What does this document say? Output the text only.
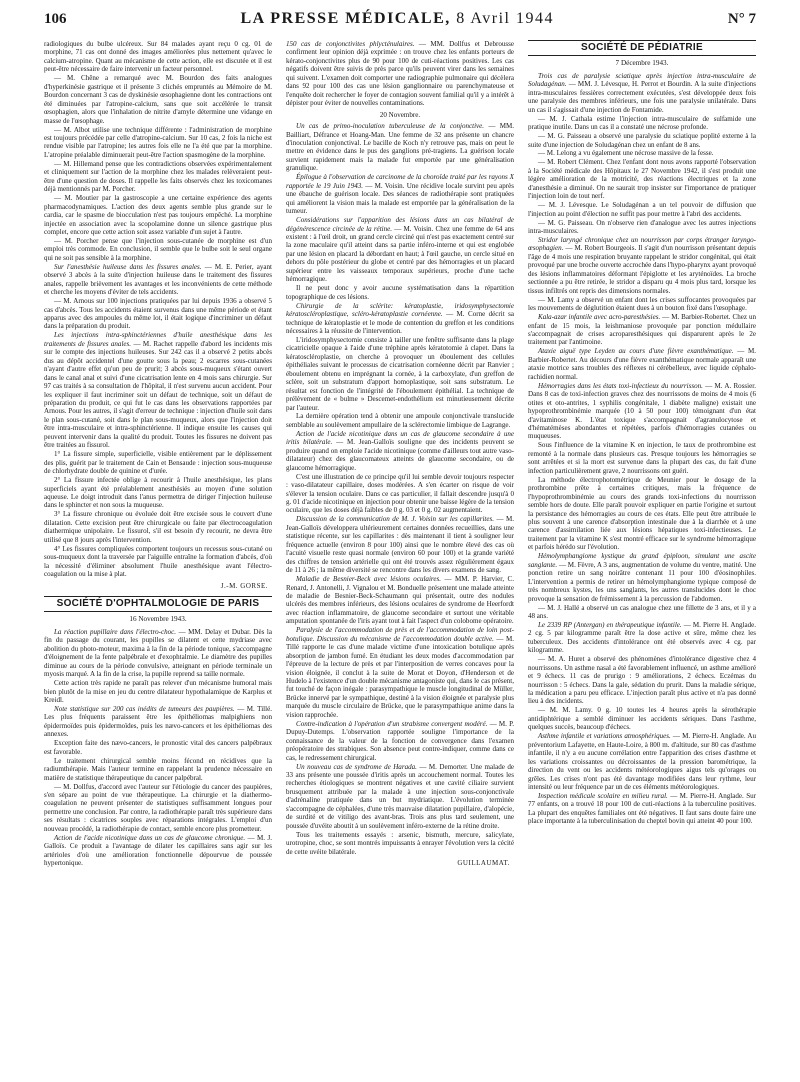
106	LA PRESSE MÉDICALE, 8 Avril 1944	N° 7

radiologiques du bulbe ulcéreux. Sur 84 malades ayant reçu 0 cg. 01 de morphine, 71 cas ont donné des images améliorées plus nettement qu'avec le calcium-atropine. Quant au mécanisme de cette action, elle est discutée et il est peut-être nécessaire de faire intervenir un facteur personnel.

— M. Chêne a remarqué avec M. Bourdon des faits analogues d'hyperkinésie gastrique et il présente 3 clichés empruntés au Mémoire de M. Bourdon concernant 3 cas de dyskinésie œsophagienne dont les contractions ont été diminuées par l'atropine-calcium, sans que soit accélérée le transit œsophagien, alors que l'inhalation de nitrite d'amyle détermine une vidange en masse de l'œsophage.

— M. Albot utilise une technique différente : l'administration de morphine est toujours précédée par celle d'atropine-calcium. Sur 10 cas, 2 fois la niche est rendue visible par l'atropine; les autres fois elle ne l'a été que par la morphine. L'atropine préalable diminuerait peut-être l'action spasmogène de la morphine.

— M. Hillemand pense que les contradictions observées expérimentalement et cliniquement sur l'action de la morphine chez les malades relèveraient peut-être d'une question de doses. Il rappelle les faits observés chez les toxicomanes déjà mentionnés par M. Porcher.

— M. Moutier par la gastroscopie a une certaine expérience des agents pharmacodynamiques. L'action des deux agents semble plus grande sur le cardia, car le spasme de biocculation n'est pas toujours empêché. La morphine injectée en association avec la scopolamine donne un silence gastrique plus complet, encore que cette action soit assez variable d'un sujet à l'autre.

— M. Porcher pense que l'injection sous-cutanée de morphine est d'un emploi très commode. En conclusion, il semble que le bulbe soit le seul organe qui ne soit pas sensible à la morphine.

Sur l'anesthésie huileuse dans les fissures anales. — M. E. Perier, ayant observé 3 abcès à la suite d'injection huileuse dans le traitement des fissures anales, rappelle brièvement les avantages et les inconvénients de cette méthode et cherche les moyens d'éviter de tels accidents.

— M. Arnous sur 100 injections pratiquées par lui depuis 1936 a observé 5 cas d'abcès. Tous les accidents étaient survenus dans une même période et étant apparus avec des ampoules du même lot, il était logique d'incriminer un défaut dans la préparation du produit.

Les injections intra-sphinctériennes d'huile anesthésique dans les traitements de fissures anales. — M. Rachet rappelle d'abord les incidents mis sur le compte des injections huileuses. Sur 242 cas il a observé 2 petits abcès dus au dépôt accidentel d'une goutte sous la peau; 2 escarres sous-cutanées n'ayant d'autre effet qu'un peu de prurit; 3 abcès sous-muqueux s'étant ouvert dans le canal anal et suivi d'une cicatrisation lente en 4 mois sans chirurgie. Sur 97 cas traités à sa consultation de l'hôpital, il n'est survenu aucun accident. Pour les expliquer il faut incriminer soit un défaut de technique, soit un défaut de préparation du produit, ce qui fut le cas dans les observations rapportées par Arnous. Pour les autres, il s'agit d'erreur de technique : injection d'huile soit dans le plan sous-cutané, soit dans le plan sous-muqueux, alors que l'injection doit être intra-musculaire et intra-sphinctérienne. Il indique ensuite les causes qui peuvent intervenir dans la qualité du produit. Toutes les fissures ne doivent pas être traitées au fissurol.

1° La fissure simple, superficielle, visible entièrement par le déplissement des plis, guérit par le traitement de Cain et Bensaude : injection sous-muqueuse de chlorhydrate double de quinine et d'urée.

2° La fissure infectée oblige à recourir à l'huile anesthésique, les plans superficiels ayant été préalablement anesthésiés au moyen d'une solution aqueuse. Le doigt introduit dans l'anus permettra de diriger l'injection huileuse dans le sphincter et non sous la muqueuse.

3° La fissure chronique ou évoluée doit être excisée sous le couvert d'une dilatation. Cette excision peut être chirurgicale ou faite par électrocoagulation diathermique unipolaire. Le fissurol, s'il est besoin d'y recourir, ne devra être utilisé que 8 jours après l'intervention.

4° Les fissures compliquées comportent toujours un recessus sous-cutané ou sous-muqueux dont la traversée par l'aiguille entraîne la formation d'abcès, d'où la nécessité d'éliminer absolument l'huile anesthésique avant l'électro-coagulation ou la mise à plat.

J.-M. GORSE.
SOCIÉTÉ D'OPHTALMOLOGIE DE PARIS
16 Novembre 1943.

La réaction pupillaire dans l'électro-choc. — MM. Delay et Dubar. Dès la fin du passage du courant, les pupilles se dilatent et cette mydriase avec abolition du photo-moteur, maxima à la fin de la période tonique, s'accompagne d'éloignement de la fente palpébrale et d'exophtalmie. Le diamètre des pupilles diminue au cours de la période convulsive, atteignant en période terminale un myosis marqué. A la fin de la crise, la pupille reprend sa taille normale.

Cette action très rapide ne paraît pas relever d'un mécanisme humoral mais bien plutôt de la mise en jeu du centre dilatateur hypothalamique de Karplus et Kreidl.

Note statistique sur 200 cas inédits de tumeurs des paupières. — M. Tillé. Les plus fréquents paraissent être les épithéliomas malpighiens non épidermoïdes puis épidermoïdes, puis les nævo-cancers et les épithéliomas des annexes.

Exception faite des nævo-cancers, le pronostic vital des cancers palpébraux est favorable.

Le traitement chirurgical semble moins fécond en récidives que la radiumthérapie. Mais l'auteur termine en rappelant la prudence nécessaire en matière de statistique thérapeutique du cancer palpébral.

— M. Dollfus, d'accord avec l'auteur sur l'étiologie du cancer des paupières, s'en sépare au point de vue thérapeutique. La chirurgie et la diathermo-coagulation ne peuvent présenter de statistiques suffisamment longues pour permettre une conclusion. Par contre, la radiothérapie paraît très supérieure dans ses résultats : cicatrices souples avec réparations intégrales. L'emploi d'un nouveau procédé, la radiothérapie de contact, semble encore plus prometteur.

Action de l'acide nicotinique dans un cas de glaucome chronique. — M. J. Galloïs. Ce produit a l'avantage de dilater les capillaires sans agir sur les artérioles d'où une amélioration fonctionnelle dépourvue de poussée hypertonique.

150 cas de conjonctivites phlycténulaires. — MM. Dollfus et Debrousse confirment leur opinion déjà exprimée : on trouve chez les enfants porteurs de kérato-conjonctivites plus de 90 pour 100 de cuti-réactions positives. Les cas négatifs doivent être suivis de près parce qu'ils peuvent virer dans les semaines qui suivent. L'examen doit comporter une radiographie pulmonaire qui décèlera dans 92 pour 100 des cas une lésion ganglionnaire ou parenchymateuse et l'enquête doit rechercher le foyer de contagion souvent familial qu'il y a intérêt à dépister pour éviter de nouvelles contaminations.

20 Novembre.

Un cas de primo-inoculation tuberculeuse de la conjonctive. — MM. Bailliart, Défrance et Hoang-Man. Une femme de 32 ans présente un chancre d'inoculation conjonctival. Le bacille de Koch n'y retrouve pas, mais on peut le mettre en évidence dans le pus des ganglions pré-tragiens. La guérison locale survient rapidement mais la malade fut emportée par une généralisation granulique.

Épilogue à l'observation de carcinome de la choroïde traité par les rayons X rapportée le 19 Juin 1943. — M. Voisin. Une récidive locale survint peu après une ébauche de guérison locale. Des séances de radiothérapie sont pratiquées qui améliorent la vision mais la malade est emportée par la généralisation de la tumeur.

Considérations sur l'apparition des lésions dans un cas bilatéral de dégénérescence circinée de la rétine. — M. Voisin. Chez une femme de 64 ans existent : à l'œil droit, un grand cercle circiné qui n'est pas exactement centré sur la zone maculaire qu'il atteint dans sa partie inféro-interne et qui est englobée par une lésion en placard la débordant en haut; à l'œil gauche, un cercle situé en dehors du pôle postérieur du globe et centré par des hémorragies et un placard supérieur entre les vaisseaux temporaux supérieurs, proche d'une tache hémorragique.

Il ne peut donc y avoir aucune systématisation dans la répartition topographique de ces lésions.

Chirurgie de la sclérite: kératoplastie, iridosymphysectomie kératoscléroplastique, scléro-kératoplastie cornéenne. — M. Corne décrit sa technique de kératoplastie et le mode de contention du greffon et les conditions nécessaires à la réussite de l'intervention.

L'iridosymphysectomie consiste à tailler une fenêtre suffisante dans la plage cicatricielle opaque à l'aide d'une tréphine après kératotomie à clapet. Dans la kératoscléroplastie, on cherche à provoquer un éboulement des cellules épithéliales suivant le processus de cicatrisation cornéenne décrit par Ranvier ; éboulement obtenu en imprégnant la cornée, à la carboxylate, d'un greffon de sclère, soit un substratum d'apport homoplastique, soit sans substratum. Le résultat est fonction de l'intégrité de l'éboulement épithélial. La technique de prélèvement de « bulme » Descemet-endothélium est minutieusement décrite par l'auteur.

La dernière opération tend à obtenir une ampoule conjonctivale translucide semblable au soulèvement ampullaire de la sclérectomie limbique de Lagrange.

Action de l'acide nicotinique dans un cas de glaucome secondaire à une iritis bilatérale. — M. Jean-Galloïs souligne que des incidents peuvent se produire quand on emploie l'acide nicotinique (comme d'ailleurs tout autre vaso-dilatateur) chez des glaucomateux atteints de glaucome secondaire, ou de glaucome hémorragique.

C'est une illustration de ce principe qu'il lui semble devoir toujours respecter : vaso-dilatateur capillaire, doses modérées. A s'en écarter on risque de voir s'élever la tension oculaire. Dans ce cas particulier, il fallait descendre jusqu'à 0 g. 01 d'acide nicotinique en injection pour obtenir une baisse légère de la tension oculaire, que les doses déjà faibles de 0 g. 03 et 0 g. 02 augmentaient.

Discussion de la communication de M. J. Voisin sur les capillarites. — M. Jean-Galloïs développera ultérieurement certaines données recueillies, dans une statistique récente, sur les capillarites : dès maintenant il tient à souligner leur fréquence actuelle (environ 8 pour 100) ainsi que le nombre élevé des cas où l'acuité visuelle reste quasi normale (environ 60 pour 100) et la grande variété des chiffres de tension artérielle qui ont été trouvés assez régulièrement égaux de 11 à 26 ; la même diversité se rencontre dans les divers examens de sang.

Maladie de Besnier-Beck avec lésions oculaires. — MM. P. Harvier, C. Renard, J. Antonelli, J. Vignalou et M. Bonduelle présentent une malade atteinte de maladie de Besnier-Beck-Schaumann qui présentait, outre des nodules ulcérés des membres inférieurs, des lésions oculaires de syndrome de Heerfordt avec réaction inflammatoire, de glaucome secondaire et surtout une véritable amputation spontanée de l'iris ayant tout à fait l'aspect d'un colobome opératoire.

Paralysie de l'accommodation de près et de l'accommodation de loin post-botulique. Discussion du mécanisme de l'accommodation double active. — M. Tillé rapporte le cas d'une malade victime d'une intoxication botulique après absorption de jambon fumé. En étudiant les deux modes d'accommodation par l'épreuve de la lecture de près et par l'interposition de verres concaves pour la vision éloignée, il conclut à la suite de Morat et Doyon, d'Henderson et de Hudelo à l'existence d'un double mécanisme antagoniste qui, dans le cas présent, fut touché de façon inégale : parasympathique le muscle longitudinal de Müller, Brücke innervé par le sympathique, destiné à la vision éloignée et paralysie plus marquée du muscle circulaire de Brücke, que le parasympathique anime dans la vision rapprochée.

Contre-indication à l'opération d'un strabisme convergent modéré. — M. P. Dupuy-Dutemps. L'observation rapportée souligne l'importance de la connaissance de la valeur de la fonction de convergence dans l'examen préopératoire des strabiques. Son absence peut contre-indiquer, comme dans ce cas, le redressement chirurgical.

Un nouveau cas de syndrome de Harada. — M. Demorter. Une malade de 33 ans présente une poussée d'iritis après un accouchement normal. Toutes les recherches étiologiques se montrent négatives et une cavité ciliaire survient brusquement attribuée par la malade à une injection sous-conjonctivale d'adrénaline pratiquée dans un but mydriatique. L'évolution terminée s'accompagne de céphalées, d'une très mauvaise dilatation pupillaire, d'alopécie, de surdité et de vitiligo des avant-bras. Trois ans plus tard seulement, une poussée d'uvéite aboutit à un soulèvement inféro-externe de la rétine droite.

Tous les traitements essayés : arsenic, bismuth, mercure, salicylate, urotropine, choc, se sont montrés impuissants à enrayer l'évolution vers la cécité de cette uvéite bilatérale.

GUILLAUMAT.
SOCIÉTÉ DE PÉDIATRIE
7 Décembre 1943.

Trois cas de paralysie sciatique après injection intra-musculaire de Soludagénan. — MM. J. Lévesque, H. Perrot et Bourdin. A la suite d'injections intra-musculaires fessières correctement exécutées, s'est développée deux fois une paralysie des membres inférieurs, une fois une paralysie unilatérale. Dans un cas il s'agissait d'une injection de Fontamide.

— M. J. Cathala estime l'injection intra-musculaire de sulfamide une pratique inutile. Dans un cas il a constaté une nécrose profonde.

— M. G. Paisseau a observé une paralysie du sciatique poplité externe à la suite d'une injection de Soludagénan chez un enfant de 8 ans.

— M. Lelong a vu également une nécrose massive de la fesse.

— M. Robert Clément. Chez l'enfant dont nous avons rapporté l'observation à la Société médicale des Hôpitaux le 27 Novembre 1942, il s'est produit une légère amélioration de la motricité, des réactions électriques et la zone d'anesthésie a diminué. On ne saurait trop insister sur l'importance de pratiquer l'injection loin de tout nerf.

— M. J. Lévesque. Le Soludagénan a un tel pouvoir de diffusion que l'injection au point d'élection ne suffit pas pour mettre à l'abri des accidents.

— M. G. Paisseau. On n'observe rien d'analogue avec les autres injections intra-musculaires.

Stridor laryngé chronique chez un nourrisson par corps étranger laryngo-œsophagien. — M. Robert Bourgeois. Il s'agit d'un nourrisson présentant depuis l'âge de 4 mois une respiration bruyante rappelant le stridor congénital, qui était provoqué par une broche ouverte accrochée dans l'hypo-pharynx ayant provoqué des lésions inflammatoires déformant l'épiglotte et les aryténoïdes. La broche sectionnée a pu être retirée, le stridor a disparu qu 4 mois plus tard, lorsque les tissus infiltrés ont repris des dimensions normales.

— M. Lamy a observé un enfant dont les crises suffocantes provoquées par les mouvements de déglutition étaient dues à un bouton fixé dans l'œsophage.

Kala-azar infantile avec acro-paresthésies. — M. Barbier-Robertet. Chez un enfant de 15 mois, la leishmaniose provoquée par ponction médullaire s'accompagnait de crises acroparesthésiques qui disparurent après le 2e traitement par l'antimoine.

Ataxie aiguë type Leyden au cours d'une fièvre exanthématique. — M. Barbier-Robertet. Au décours d'une fièvre exanthématique normale apparaît une ataxie motrice sans troubles des réflexes ni cérébelleux, avec liquide céphalo-rachidien normal.

Hémorragies dans les états toxi-infectieux du nourrisson. — M. A. Rossier. Dans 8 cas de toxi-infection graves chez des nourrissons de moins de 4 mois (6 otites et oto-antrites, 1 syphilis congénitale, 1 diabète maligne) existait une hypoprothrombinémie marquée (10 à 50 pour 100) témoignant d'un état d'avitaminose K. L'état toxique s'accompagnait d'agranulocytose et d'hématémèses abondantes et répétées, parfois d'hémorragies cutanées ou muqueuses.

Sous l'influence de la vitamine K en injection, le taux de prothrombine est remonté à la normale dans plusieurs cas. Presque toujours les hémorragies se sont arrêtées et si la mort est survenue dans la plupart des cas, du fait d'une infection particulièrement grave, 2 nourrissons ont guéri.

La méthode électrophotométrique de Meunier pour le dosage de la prothrombine prête à certaines critiques, mais la fréquence de l'hypoprothrombinémie au cours des grands toxi-infections du nourrisson semble hors de doute. Elle paraît pouvoir expliquer en partie l'origine et surtout la persistance des hémorragies au cours de ces états. Elle peut être attribuée le plus souvent à une carence d'absorption intestinale due à la diarrhée et à une carence d'assimilation liée aux lésions hépatiques toxi-infectieuses. Le traitement par la vitamine K s'est montré efficace sur le syndrome hémorragique et parfois hérédo sur l'évolution.

Hémolymphangiome kystique du grand épiploon, simulant une ascite sanglante. — M. Fèvre, A 3 ans, augmentation de volume du ventre, matité. Une ponction retire un sang noirâtre contenant 11 pour 100 d'éosinophiles. L'intervention a permis de retirer un hémolymphangiome typique composé de très nombreux kystes, les uns sanglants, les autres translucides dont le choc provoque la sensation de frémissement à la percussion de l'abdomen.

— M. J. Hallé a observé un cas analogue chez une fillette de 3 ans, et il y a 48 ans.

Le 2339 RP (Antergan) en thérapeutique infantile. — M. Pierre H. Anglade. 2 cg. 5 par kilogramme paraît être la dose active et sûre, même chez les tuberculeux. Des accidents d'intolérance ont été observés avec 4 cg. par kilogramme.

— M. A. Huret a observé des phénomènes d'intolérance digestive chez 4 nourrissons. Un asthme nasal a été favorablement influencé, un asthme amélioré et 9 échecs. 11 cas de prurigo : 9 améliorations, 2 échecs. Eczémas du nourrisson : 5 échecs. Dans la gale, sédation du prurit. Dans la maladie sérique, la médication a paru peu efficace. L'injection paraît plus active et n'a pas donné lieu à des incidents.

— M. M. Lamy. 0 g. 10 toutes les 4 heures après la sérothérapie antidiphtérique a semblé diminuer les accidents sériques. Dans l'asthme, quelques succès, beaucoup d'échecs.

Asthme infantile et variations atmosphériques. — M. Pierre-H. Anglade. Au préventorium Lafayette, en Haute-Loire, à 800 m. d'altitude, sur 80 cas d'asthme infantile, il n'y a eu aucune corrélation entre l'apparition des crises d'asthme et les variations croissantes ou décroissantes de la pression barométrique, la direction du vent ou les accidents météorologiques aigus tels qu'orages ou grêles. Les crises n'ont pas été davantage modifiées dans leur rythme, leur intensité ou leur fréquence par un de ces éléments météorologiques.

Inspection médicale scolaire en milieu rural. — M. Pierre-H. Anglade. Sur 77 enfants, on a trouvé 18 pour 100 de cuti-réactions à la tuberculine positives. La plupart des enquêtes familiales ont été négatives. Il faut sans doute faire une place importante à la tuberculinisation du cheptel bovin qui atteint 40 pour 100.
